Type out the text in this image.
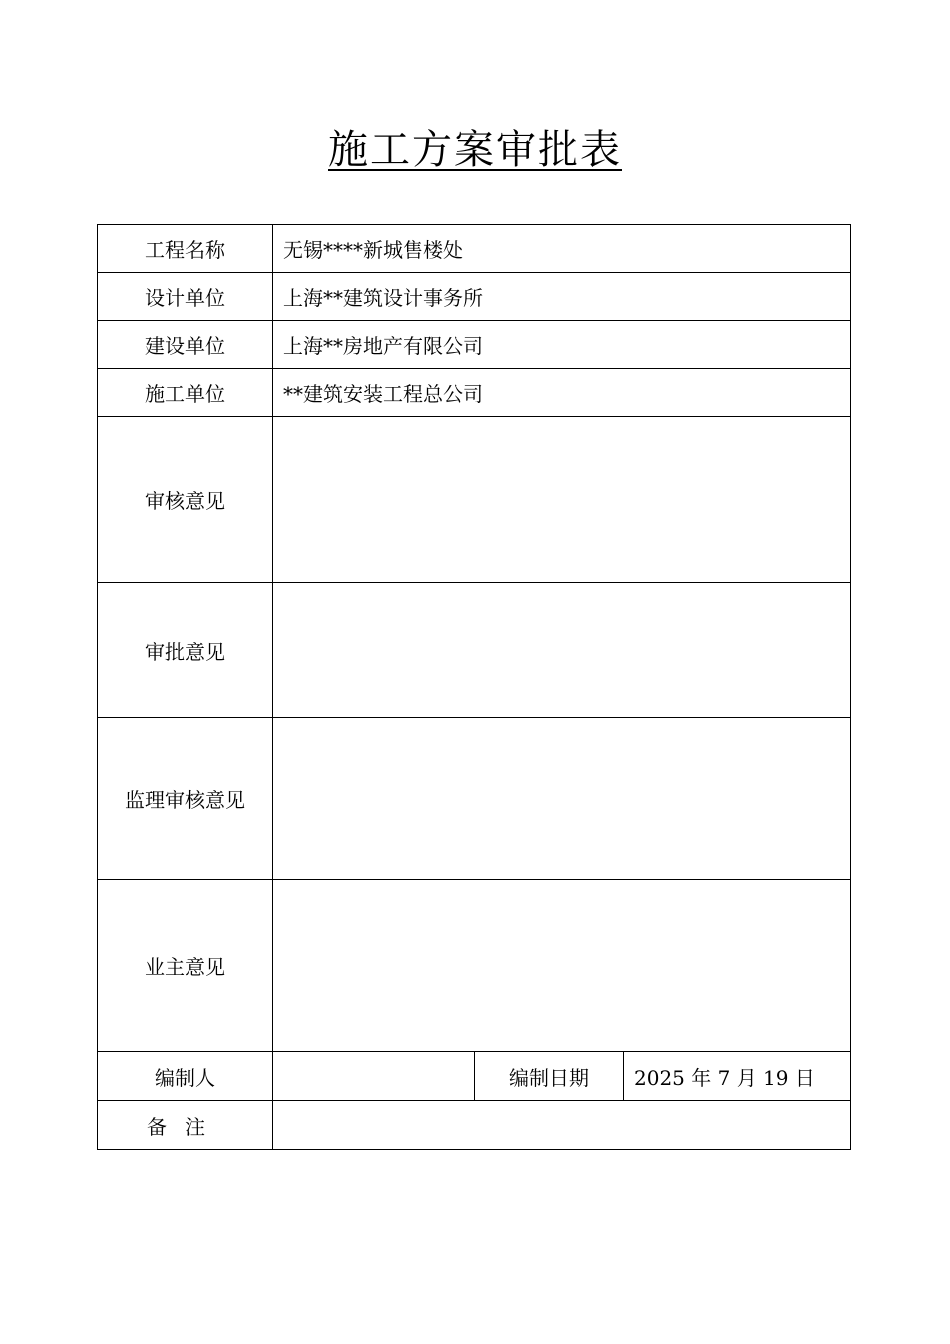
施工方案审批表
工程名称	无锡****新城售楼处		
设计单位	上海**建筑设计事务所		
建设单位	上海**房地产有限公司		
施工单位	**建筑安装工程总公司		
审核意见			
审批意见			
监理审核意见			
业主意见			
编制人		编制日期	2025 年 7 月 19 日
备注			
